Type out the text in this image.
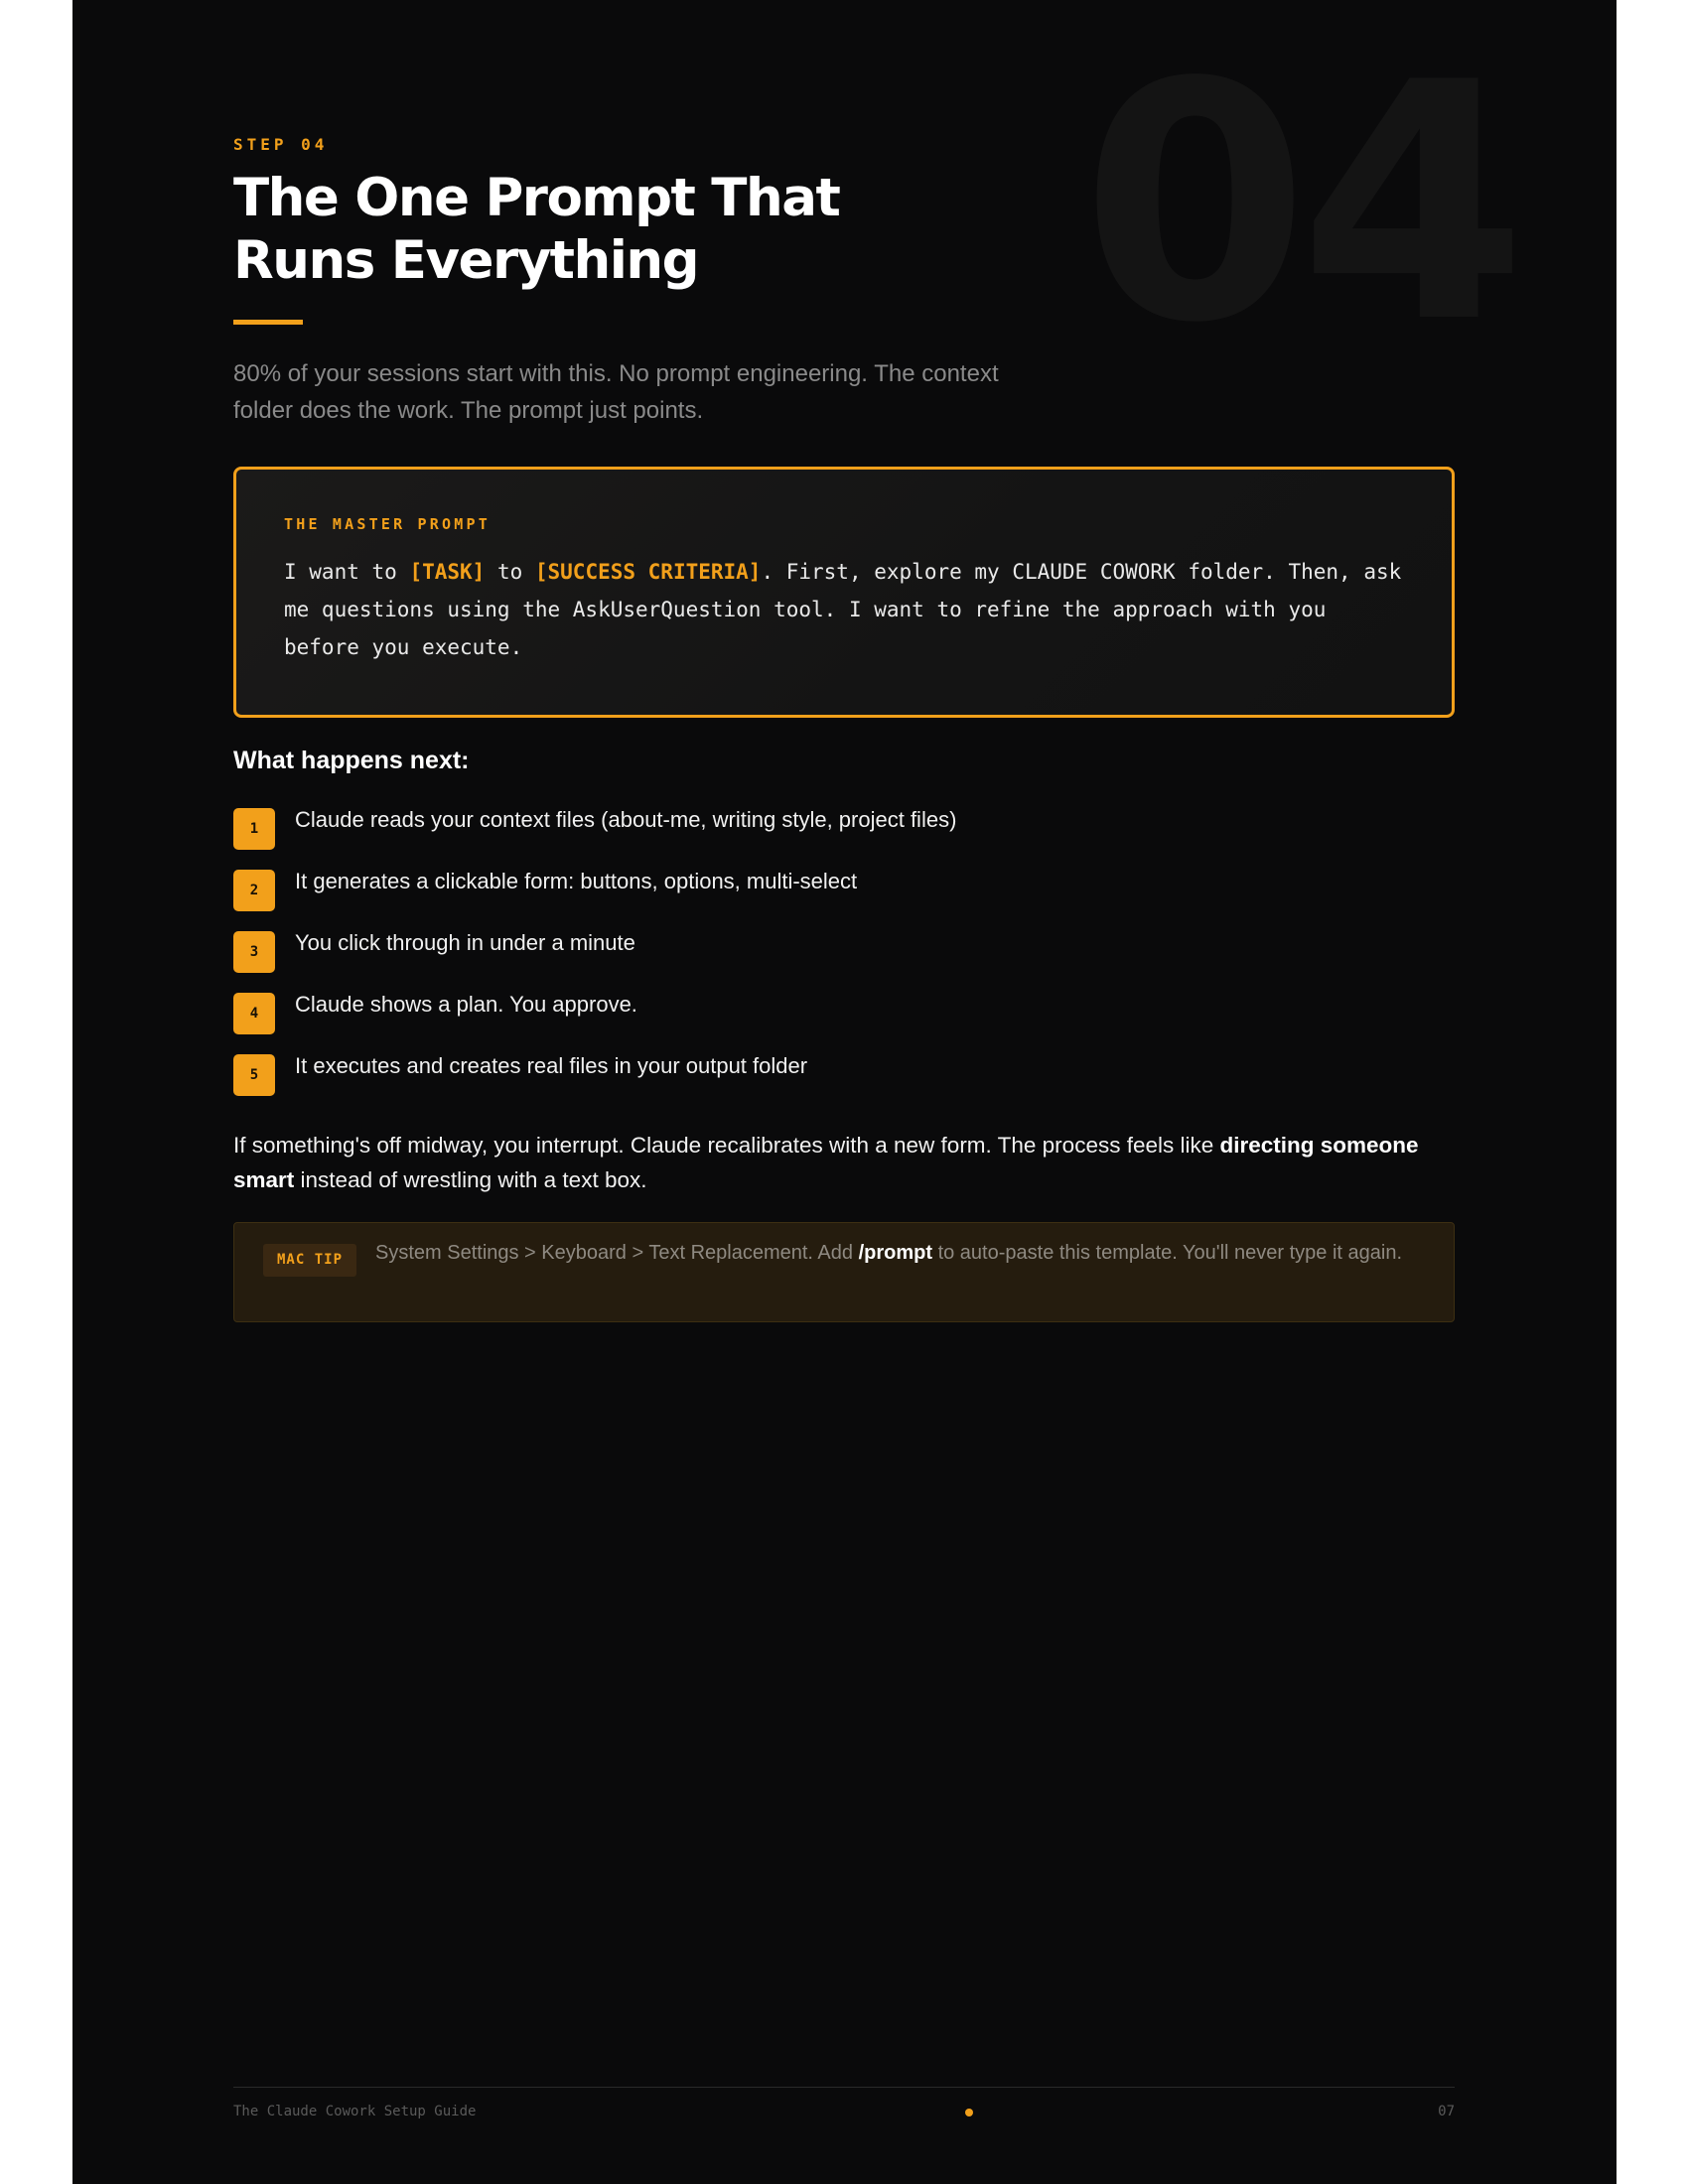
04
STEP 04
The One Prompt That
Runs Everything

80% of your sessions start with this. No prompt engineering. The context
folder does the work. The prompt just points.

THE MASTER PROMPT
I want to [TASK] to [SUCCESS CRITERIA]. First, explore my CLAUDE COWORK folder. Then, ask me questions using the AskUserQuestion tool. I want to refine the approach with you before you execute.
What happens next:
1	Claude reads your context files (about-me, writing style, project files)
2	It generates a clickable form: buttons, options, multi-select
3	You click through in under a minute
4	Claude shows a plan. You approve.
5	It executes and creates real files in your output folder

If something's off midway, you interrupt. Claude recalibrates with a new form. The process feels like directing someone smart instead of wrestling with a text box.

MAC TIP	System Settings > Keyboard > Text Replacement. Add /prompt to auto-paste this template. You'll never type it again.

The Claude Cowork Setup Guide	07
